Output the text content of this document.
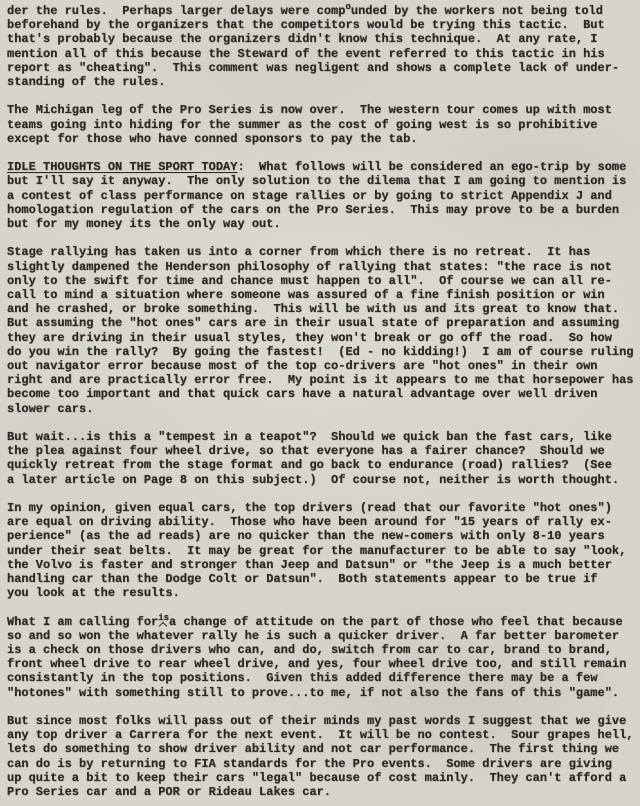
der the rules.  Perhaps larger delays were compounded by the workers not being told
beforehand by the organizers that the competitors would be trying this tactic.  But
that's probably because the organizers didn't know this technique.  At any rate, I
mention all of this because the Steward of the event referred to this tactic in his
report as "cheating".  This comment was negligent and shows a complete lack of under-
standing of the rules.
The Michigan leg of the Pro Series is now over.  The western tour comes up with most
teams going into hiding for the summer as the cost of going west is so prohibitive
except for those who have conned sponsors to pay the tab.
IDLE THOUGHTS ON THE SPORT TODAY:  What follows will be considered an ego-trip by some
but I'll say it anyway.  The only solution to the dilema that I am going to mention is
a contest of class performance on stage rallies or by going to strict Appendix J and
homologation regulation of the cars on the Pro Series.  This may prove to be a burden
but for my money its the only way out.
Stage rallying has taken us into a corner from which there is no retreat.  It has
slightly dampened the Henderson philosophy of rallying that states: "the race is not
only to the swift for time and chance must happen to all".  Of course we can all re-
call to mind a situation where someone was assured of a fine finish position or win
and he crashed, or broke something.  This will be with us and its great to know that.
But assuming the "hot ones" cars are in their usual state of preparation and assuming
they are driving in their usual styles, they won't break or go off the road.  So how
do you win the rally?  By going the fastest!  (Ed - no kidding!)  I am of course ruling
out navigator error because most of the top co-drivers are "hot ones" in their own
right and are practically error free.  My point is it appears to me that horsepower has
become too important and that quick cars have a natural advantage over well driven
slower cars.
But wait...is this a "tempest in a teapot"?  Should we quick ban the fast cars, like
the plea against four wheel drive, so that everyone has a fairer chance?  Should we
quickly retreat from the stage format and go back to endurance (road) rallies?  (See
a later article on Page 8 on this subject.)  Of course not, neither is worth thought.
In my opinion, given equal cars, the top drivers (read that our favorite "hot ones")
are equal on driving ability.  Those who have been around for "15 years of rally ex-
perience" (as the ad reads) are no quicker than the new-comers with only 8-10 years
under their seat belts.  It may be great for the manufacturer to be able to say "look,
the Volvo is faster and stronger than Jeep and Datsun" or "the Jeep is a much better
handling car than the Dodge Colt or Datsun".  Both statements appear to be true if
you look at the results.
What I am calling forisa change of attitude on the part of those who feel that because
so and so won the whatever rally he is such a quicker driver.  A far better barometer
is a check on those drivers who can, and do, switch from car to car, brand to brand,
front wheel drive to rear wheel drive, and yes, four wheel drive too, and still remain
consistantly in the top positions.  Given this added difference there may be a few
"hotones" with something still to prove...to me, if not also the fans of this "game".
But since most folks will pass out of their minds my past words I suggest that we give
any top driver a Carrera for the next event.  It will be no contest.  Sour grapes hell,
lets do something to show driver ability and not car performance.  The first thing we
can do is by returning to FIA standards for the Pro events.  Some drivers are giving
up quite a bit to keep their cars "legal" because of cost mainly.  They can't afford a
Pro Series car and a POR or Rideau Lakes car.
